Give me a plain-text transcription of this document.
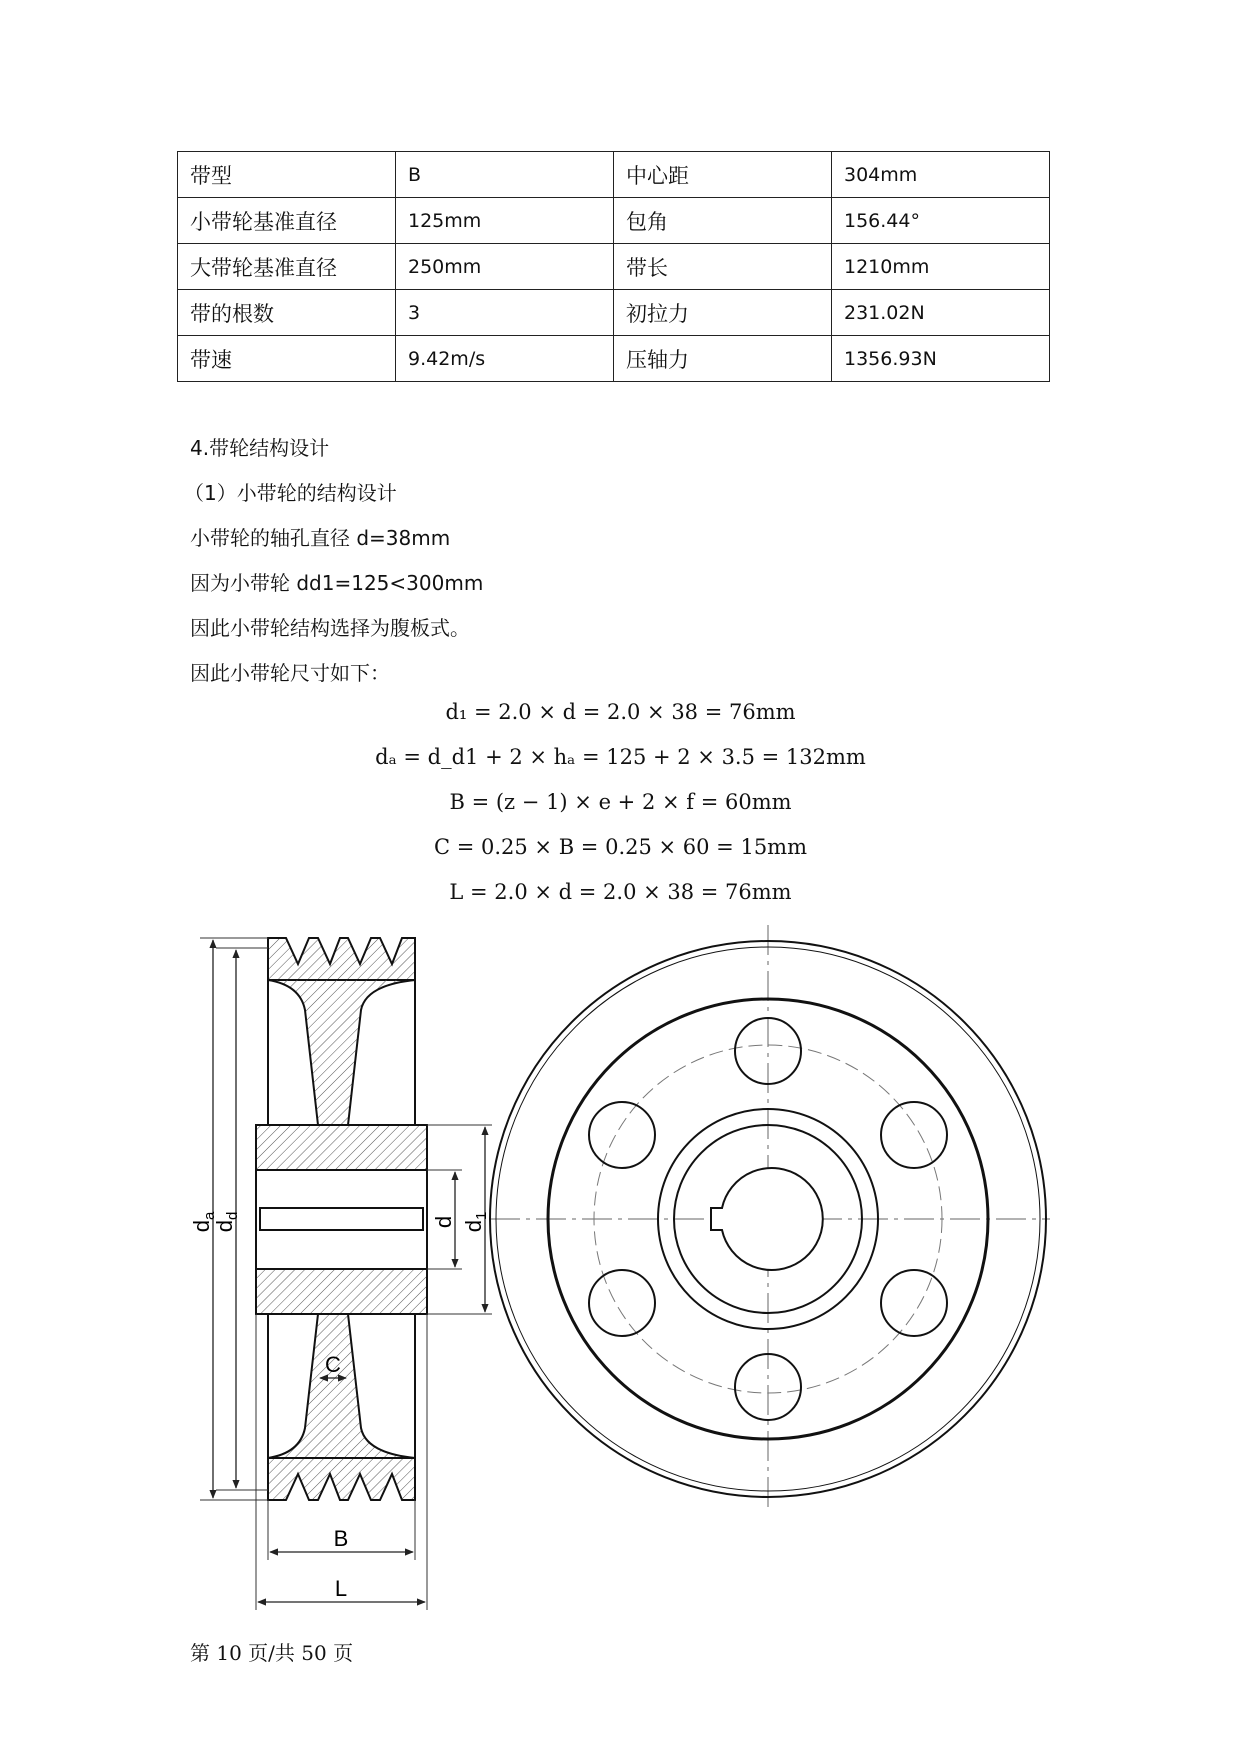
带型	B	中心距	304mm
小带轮基准直径	125mm	包角	156.44°
大带轮基准直径	250mm	带长	1210mm
带的根数	3	初拉力	231.02N
带速	9.42m/s	压轴力	1356.93N
4.带轮结构设计
（1）小带轮的结构设计
小带轮的轴孔直径 d=38mm
因为小带轮 dd1=125<300mm
因此小带轮结构选择为腹板式。
因此小带轮尺寸如下：
d₁ = 2.0 × d = 2.0 × 38 = 76mm
dₐ = d_d1 + 2 × hₐ = 125 + 2 × 3.5 = 132mm
B = (z − 1) × e + 2 × f = 60mm
C = 0.25 × B = 0.25 × 60 = 15mm
L = 2.0 × d = 2.0 × 38 = 76mm
$d_a$
$d_d$	d $d_1$
C
B
L
第 10 页/共 50 页
